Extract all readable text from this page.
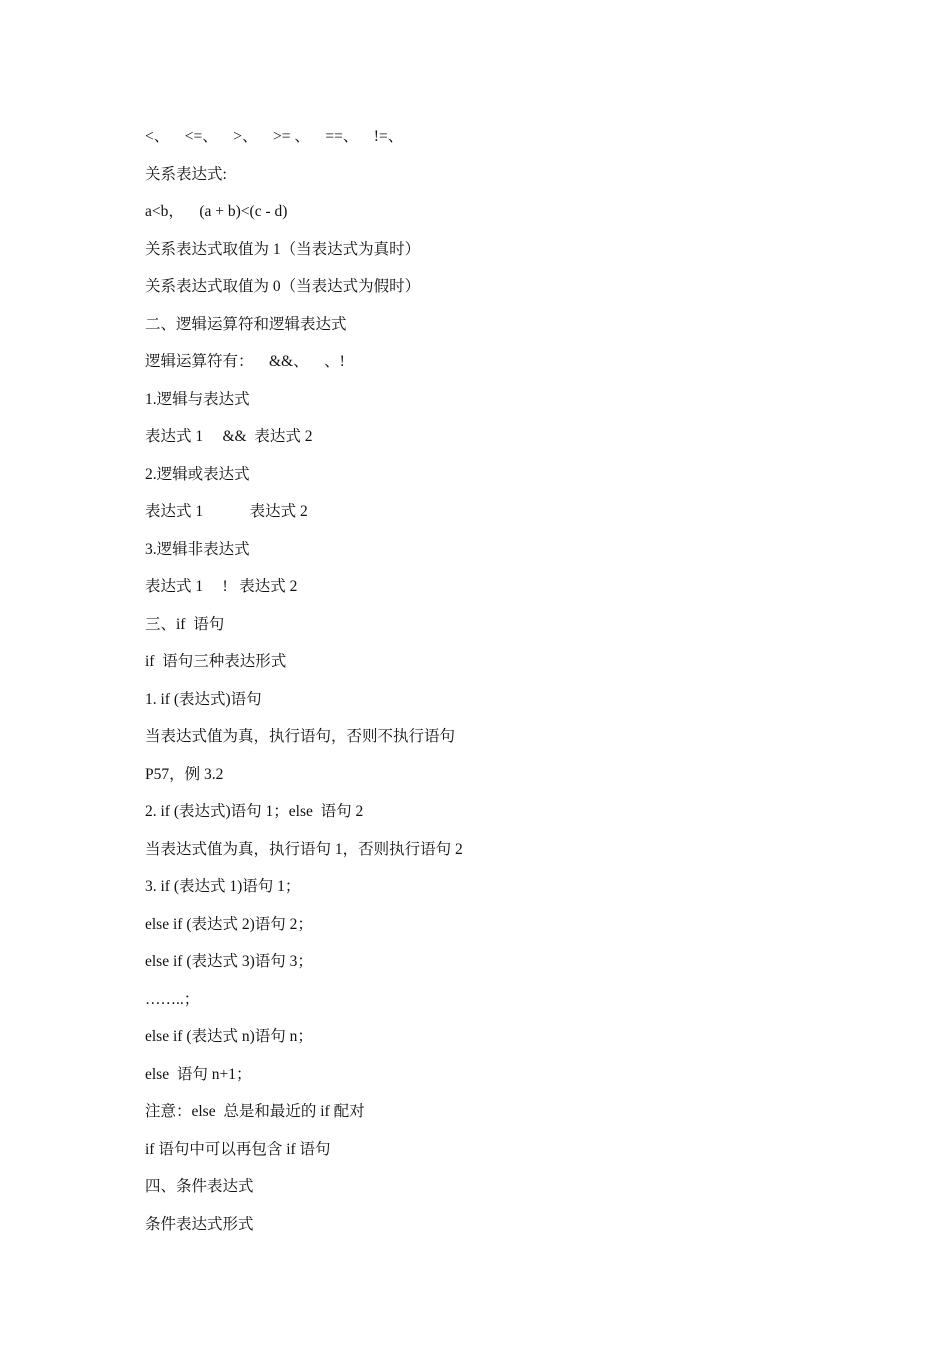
<、    <=、    >、    >= 、    ==、    !=、
关系表达式:
a<b，    (a + b)<(c - d)
关系表达式取值为 1（当表达式为真时）
关系表达式取值为 0（当表达式为假时）
二、逻辑运算符和逻辑表达式
逻辑运算符有：    &&、    、!
1.逻辑与表达式
表达式 1     &&  表达式 2
2.逻辑或表达式
表达式 1            表达式 2
3.逻辑非表达式
表达式 1     !   表达式 2
三、if  语句
if  语句三种表达形式
1. if (表达式)语句
当表达式值为真，执行语句，否则不执行语句
P57，例 3.2
2. if (表达式)语句 1；else  语句 2
当表达式值为真，执行语句 1，否则执行语句 2
3. if (表达式 1)语句 1；
else if (表达式 2)语句 2；
else if (表达式 3)语句 3；
……..；
else if (表达式 n)语句 n；
else  语句 n+1；
注意：else  总是和最近的 if 配对
if 语句中可以再包含 if 语句
四、条件表达式
条件表达式形式
